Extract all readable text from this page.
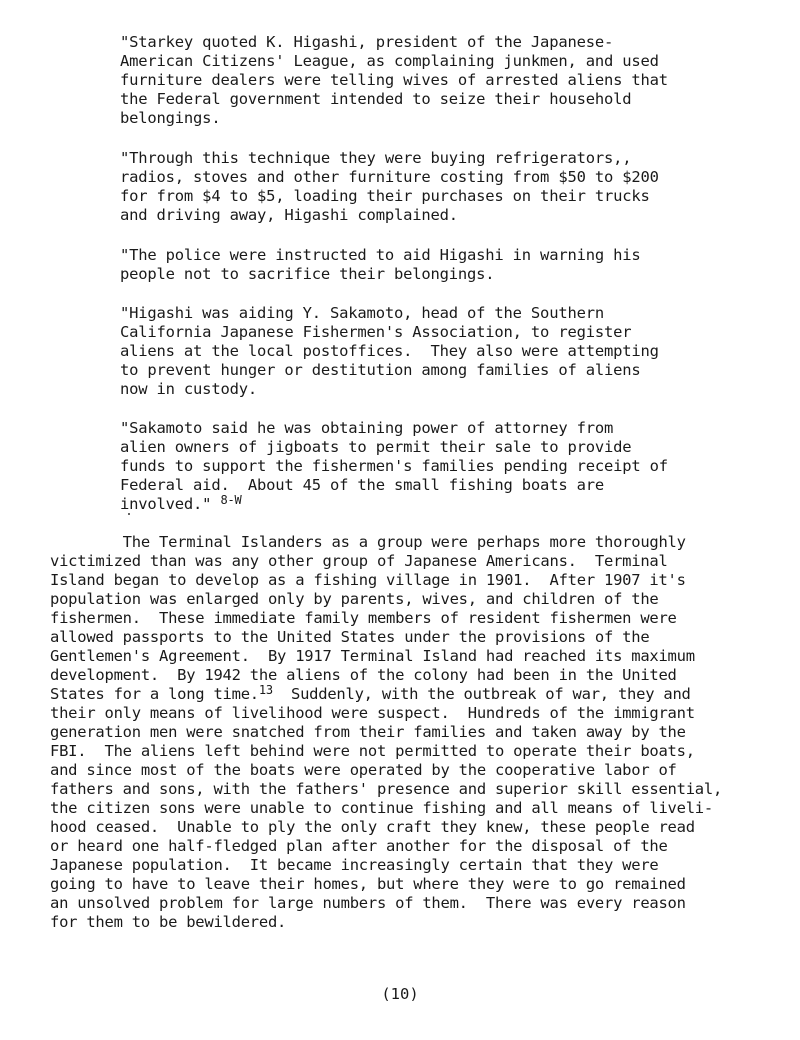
"Starkey quoted K. Higashi, president of the Japanese-
American Citizens' League, as complaining junkmen, and used
furniture dealers were telling wives of arrested aliens that
the Federal government intended to seize their household
belongings.
"Through this technique they were buying refrigerators,,
radios, stoves and other furniture costing from $50 to $200
for from $4 to $5, loading their purchases on their trucks
and driving away, Higashi complained.
"The police were instructed to aid Higashi in warning his
people not to sacrifice their belongings.
"Higashi was aiding Y. Sakamoto, head of the Southern
California Japanese Fishermen's Association, to register
aliens at the local postoffices.  They also were attempting
to prevent hunger or destitution among families of aliens
now in custody.
"Sakamoto said he was obtaining power of attorney from
alien owners of jigboats to permit their sale to provide
funds to support the fishermen's families pending receipt of
Federal aid.  About 45 of the small fishing boats are
involved." $^{8-W}$
The Terminal Islanders as a group were perhaps more thoroughly
victimized than was any other group of Japanese Americans.  Terminal
Island began to develop as a fishing village in 1901.  After 1907 it's
population was enlarged only by parents, wives, and children of the
fishermen.  These immediate family members of resident fishermen were
allowed passports to the United States under the provisions of the
Gentlemen's Agreement.  By 1917 Terminal Island had reached its maximum
development.  By 1942 the aliens of the colony had been in the United
States for a long time.$^{13}$  Suddenly, with the outbreak of war, they and
their only means of livelihood were suspect.  Hundreds of the immigrant
generation men were snatched from their families and taken away by the
FBI.  The aliens left behind were not permitted to operate their boats,
and since most of the boats were operated by the cooperative labor of
fathers and sons, with the fathers' presence and superior skill essential,
the citizen sons were unable to continue fishing and all means of liveli-
hood ceased.  Unable to ply the only craft they knew, these people read
or heard one half-fledged plan after another for the disposal of the
Japanese population.  It became increasingly certain that they were
going to have to leave their homes, but where they were to go remained
an unsolved problem for large numbers of them.  There was every reason
for them to be bewildered.
(10)
